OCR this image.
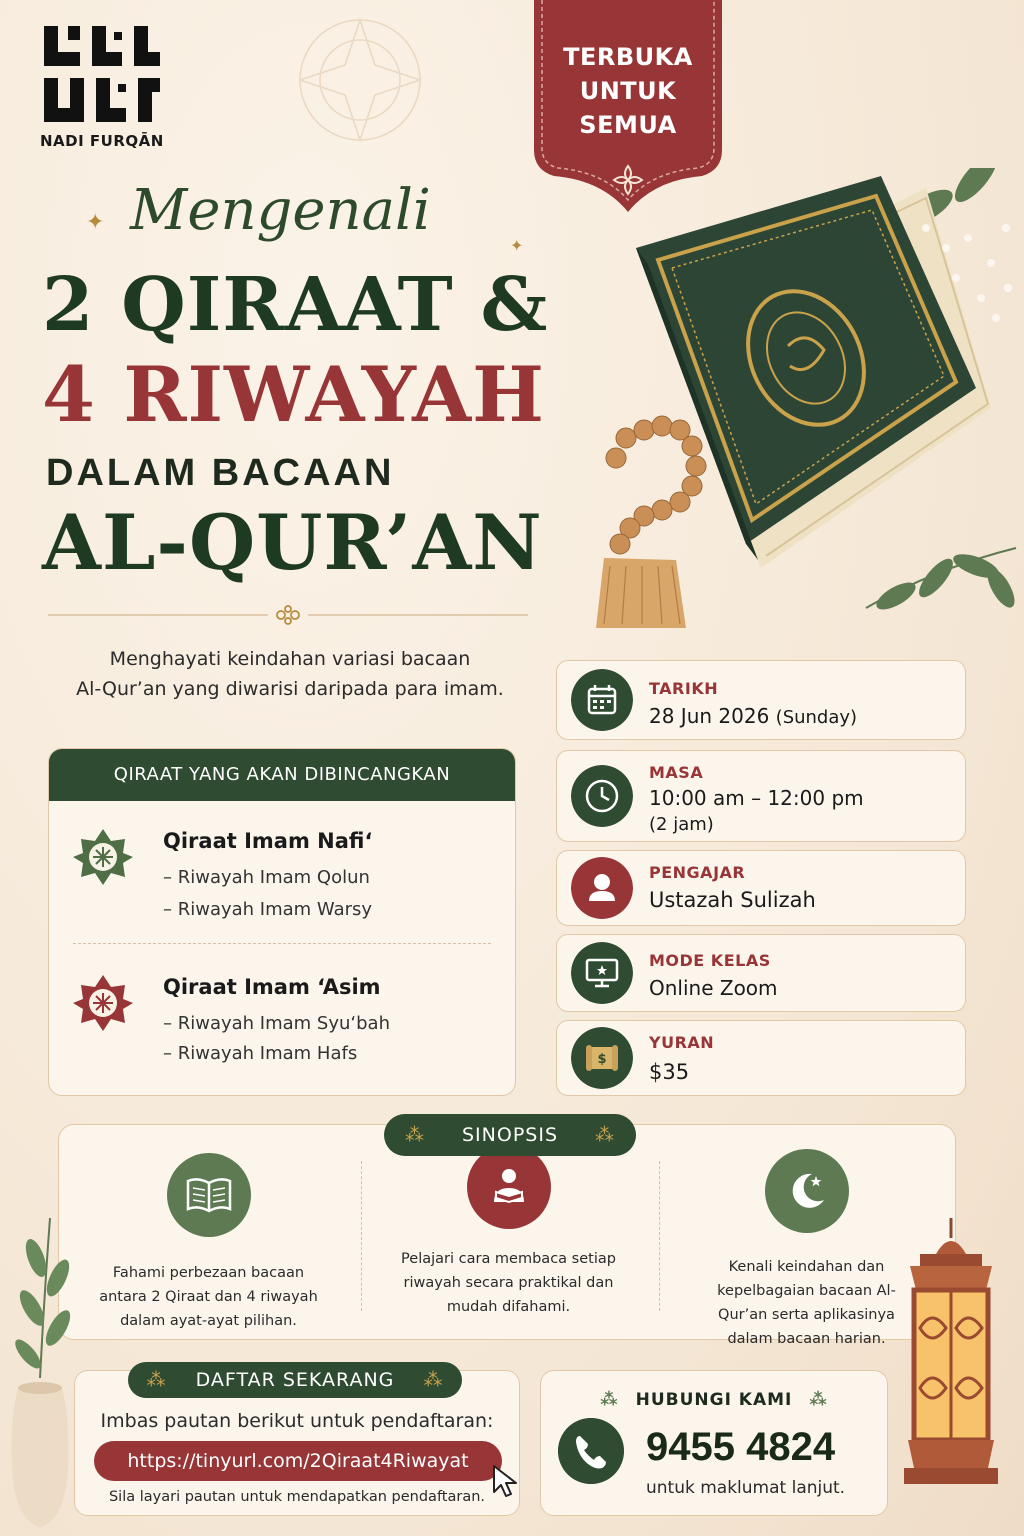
NADI FURQĀN
TERBUKA
UNTUK
SEMUA
Mengenali
✦
✦
2 QIRAAT &
4 RIWAYAH
DALAM BACAAN
AL-QUR’AN
Menghayati keindahan variasi bacaan
Al-Qur’an yang diwarisi daripada para imam.
QIRAAT YANG AKAN DIBINCANGKAN
Qiraat Imam Nafi‘
– Riwayah Imam Qolun
– Riwayah Imam Warsy
Qiraat Imam ‘Asim
– Riwayah Imam Syu‘bah
– Riwayah Imam Hafs
TARIKH
28 Jun 2026 (Sunday)
MASA
10:00 am – 12:00 pm
(2 jam)
PENGAJAR
Ustazah Sulizah
MODE KELAS
Online Zoom
$
YURAN
$35

Fahami perbezaan bacaan antara 2 Qiraat dan 4 riwayah dalam ayat-ayat pilihan.

Pelajari cara membaca setiap riwayah secara praktikal dan mudah difahami.

Kenali keindahan dan kepelbagaian bacaan Al-Qur’an serta aplikasinya dalam bacaan harian.

⁂ SINOPSIS ⁂
⁂ DAFTAR SEKARANG ⁂
Imbas pautan berikut untuk pendaftaran:
https://tinyurl.com/2Qiraat4Riwayat
Sila layari pautan untuk mendapatkan pendaftaran.
⁂ HUBUNGI KAMI ⁂
9455 4824
untuk maklumat lanjut.
